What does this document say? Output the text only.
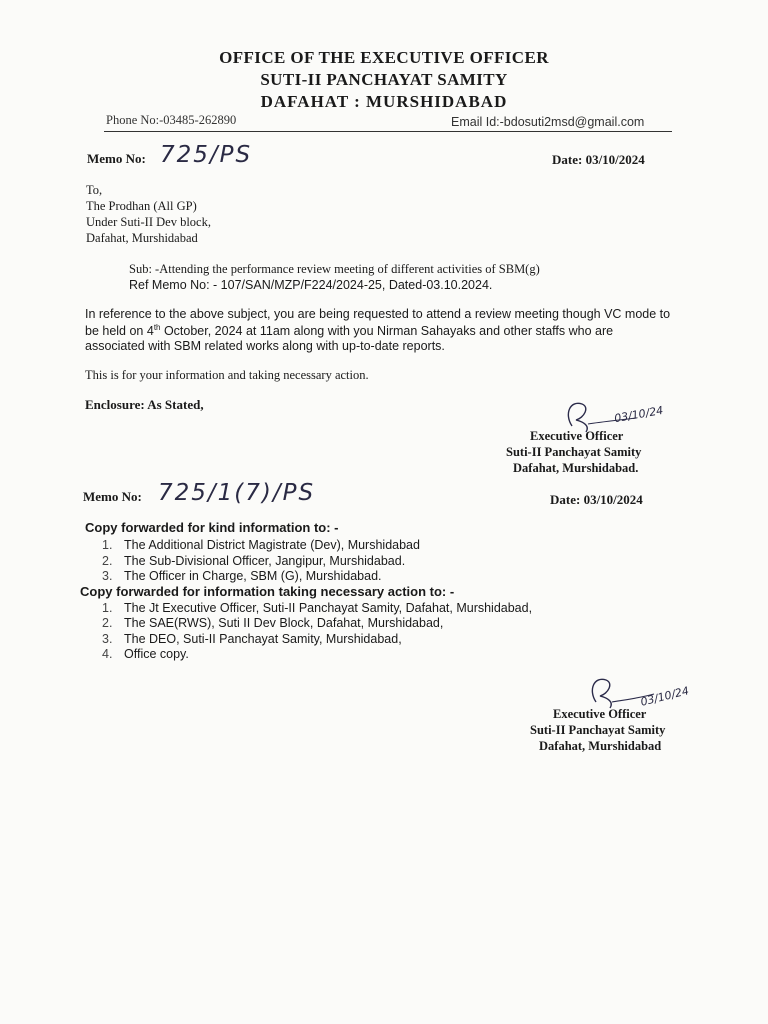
OFFICE OF THE EXECUTIVE OFFICER
SUTI-II PANCHAYAT SAMITY
DAFAHAT : MURSHIDABAD
Phone No:-03485-262890	Email Id:-bdosuti2msd@gmail.com
Memo No: 725/PS	Date: 03/10/2024
To,
The Prodhan (All GP)
Under Suti-II Dev block,
Dafahat, Murshidabad
Sub: -Attending the performance review meeting of different activities of SBM(g)
Ref Memo No: - 107/SAN/MZP/F224/2024-25, Dated-03.10.2024.
In reference to the above subject, you are being requested to attend a review meeting though VC mode to
be held on 4th October, 2024 at 11am along with you Nirman Sahayaks and other staffs who are
associated with SBM related works along with up-to-date reports.
This is for your information and taking necessary action.
Enclosure: As Stated,	03/10/24
Executive Officer
Suti-II Panchayat Samity
Dafahat, Murshidabad.
Memo No: 725/1(7)/PS	Date: 03/10/2024
Copy forwarded for kind information to: -
1. The Additional District Magistrate (Dev), Murshidabad
2. The Sub-Divisional Officer, Jangipur, Murshidabad.
3. The Officer in Charge, SBM (G), Murshidabad.
Copy forwarded for information taking necessary action to: -
1. The Jt Executive Officer, Suti-II Panchayat Samity, Dafahat, Murshidabad,
2. The SAE(RWS), Suti II Dev Block, Dafahat, Murshidabad,
3. The DEO, Suti-II Panchayat Samity, Murshidabad,
4. Office copy.
03/10/24
Executive Officer
Suti-II Panchayat Samity
Dafahat, Murshidabad
